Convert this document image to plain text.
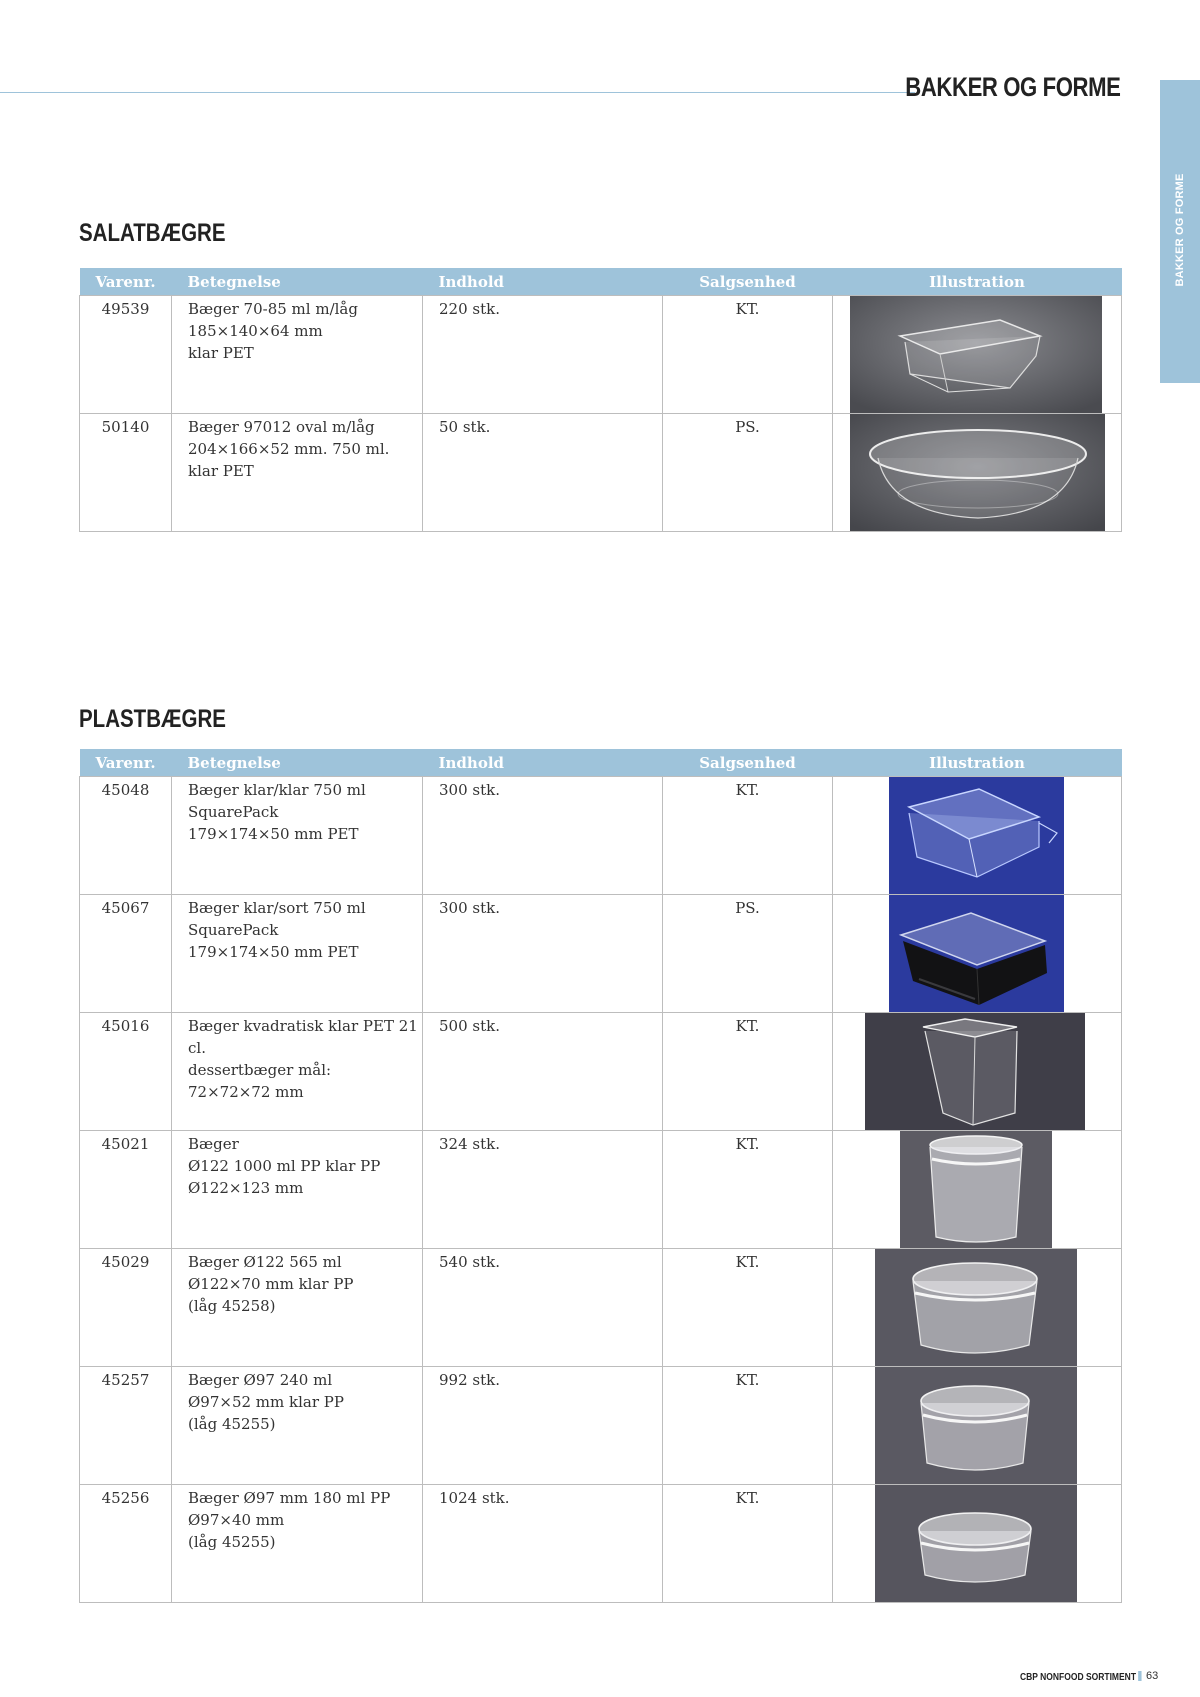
BAKKER OG FORME
BAKKER OG FORME
SALATBÆGRE
Varenr.	Betegnelse	Indhold	Salgsenhed	Illustration
49539	Bæger 70-85 ml m/låg
185×140×64 mm
klar PET	220 stk.	KT.	

50140	Bæger 97012 oval m/låg
204×166×52 mm. 750 ml.
klar PET	50 stk.	PS.	
PLASTBÆGRE
Varenr.	Betegnelse	Indhold	Salgsenhed	Illustration
45048	Bæger klar/klar 750 ml
SquarePack
179×174×50 mm PET	300 stk.	KT.	

45067	Bæger klar/sort 750 ml
SquarePack
179×174×50 mm PET	300 stk.	PS.	

45016	Bæger kvadratisk klar PET 21 cl.
dessertbæger mål:
72×72×72 mm	500 stk.	KT.	

45021	Bæger
Ø122 1000 ml PP klar PP
Ø122×123 mm	324 stk.	KT.	

45029	Bæger Ø122 565 ml
Ø122×70 mm klar PP
(låg 45258)	540 stk.	KT.	

45257	Bæger Ø97 240 ml
Ø97×52 mm klar PP
(låg 45255)	992 stk.	KT.	

45256	Bæger Ø97 mm 180 ml PP
Ø97×40 mm
(låg 45255)	1024 stk.	KT.	
CBP NONFOOD SORTIMENT 63
